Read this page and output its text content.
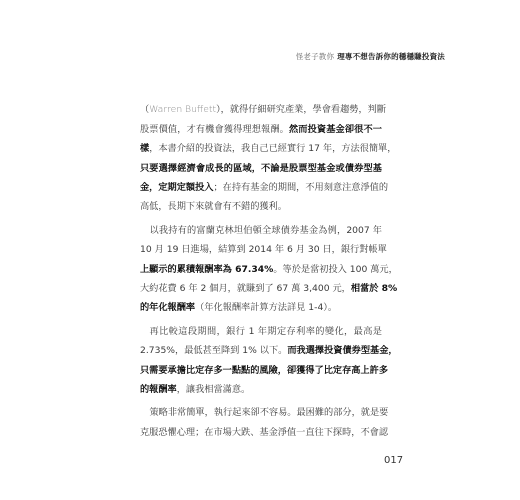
怪老子教你 理專不想告訴你的穩穩賺投資法
（Warren Buffett），就得仔細研究產業，學會看趨勢，判斷
股票價值，才有機會獲得理想報酬。然而投資基金卻很不一
樣，本書介紹的投資法，我自己已經實行 17 年，方法很簡單，
只要選擇經濟會成長的區域，不論是股票型基金或債券型基
金，定期定額投入；在持有基金的期間，不用刻意注意淨值的
高低，長期下來就會有不錯的獲利。
以我持有的富蘭克林坦伯頓全球債券基金為例，2007 年
10 月 19 日進場，結算到 2014 年 6 月 30 日，銀行對帳單
上顯示的累積報酬率為 67.34%。等於是當初投入 100 萬元，
大約花費 6 年 2 個月，就賺到了 67 萬 3,400 元，相當於 8%
的年化報酬率（年化報酬率計算方法詳見 1-4）。
再比較這段期間，銀行 1 年期定存利率的變化，最高是
2.735%，最低甚至降到 1% 以下。而我選擇投資債券型基金，
只需要承擔比定存多一點點的風險，卻獲得了比定存高上許多
的報酬率，讓我相當滿意。
策略非常簡單，執行起來卻不容易。最困難的部分，就是要
克服恐懼心理；在市場大跌、基金淨值一直往下探時，不會認
017
